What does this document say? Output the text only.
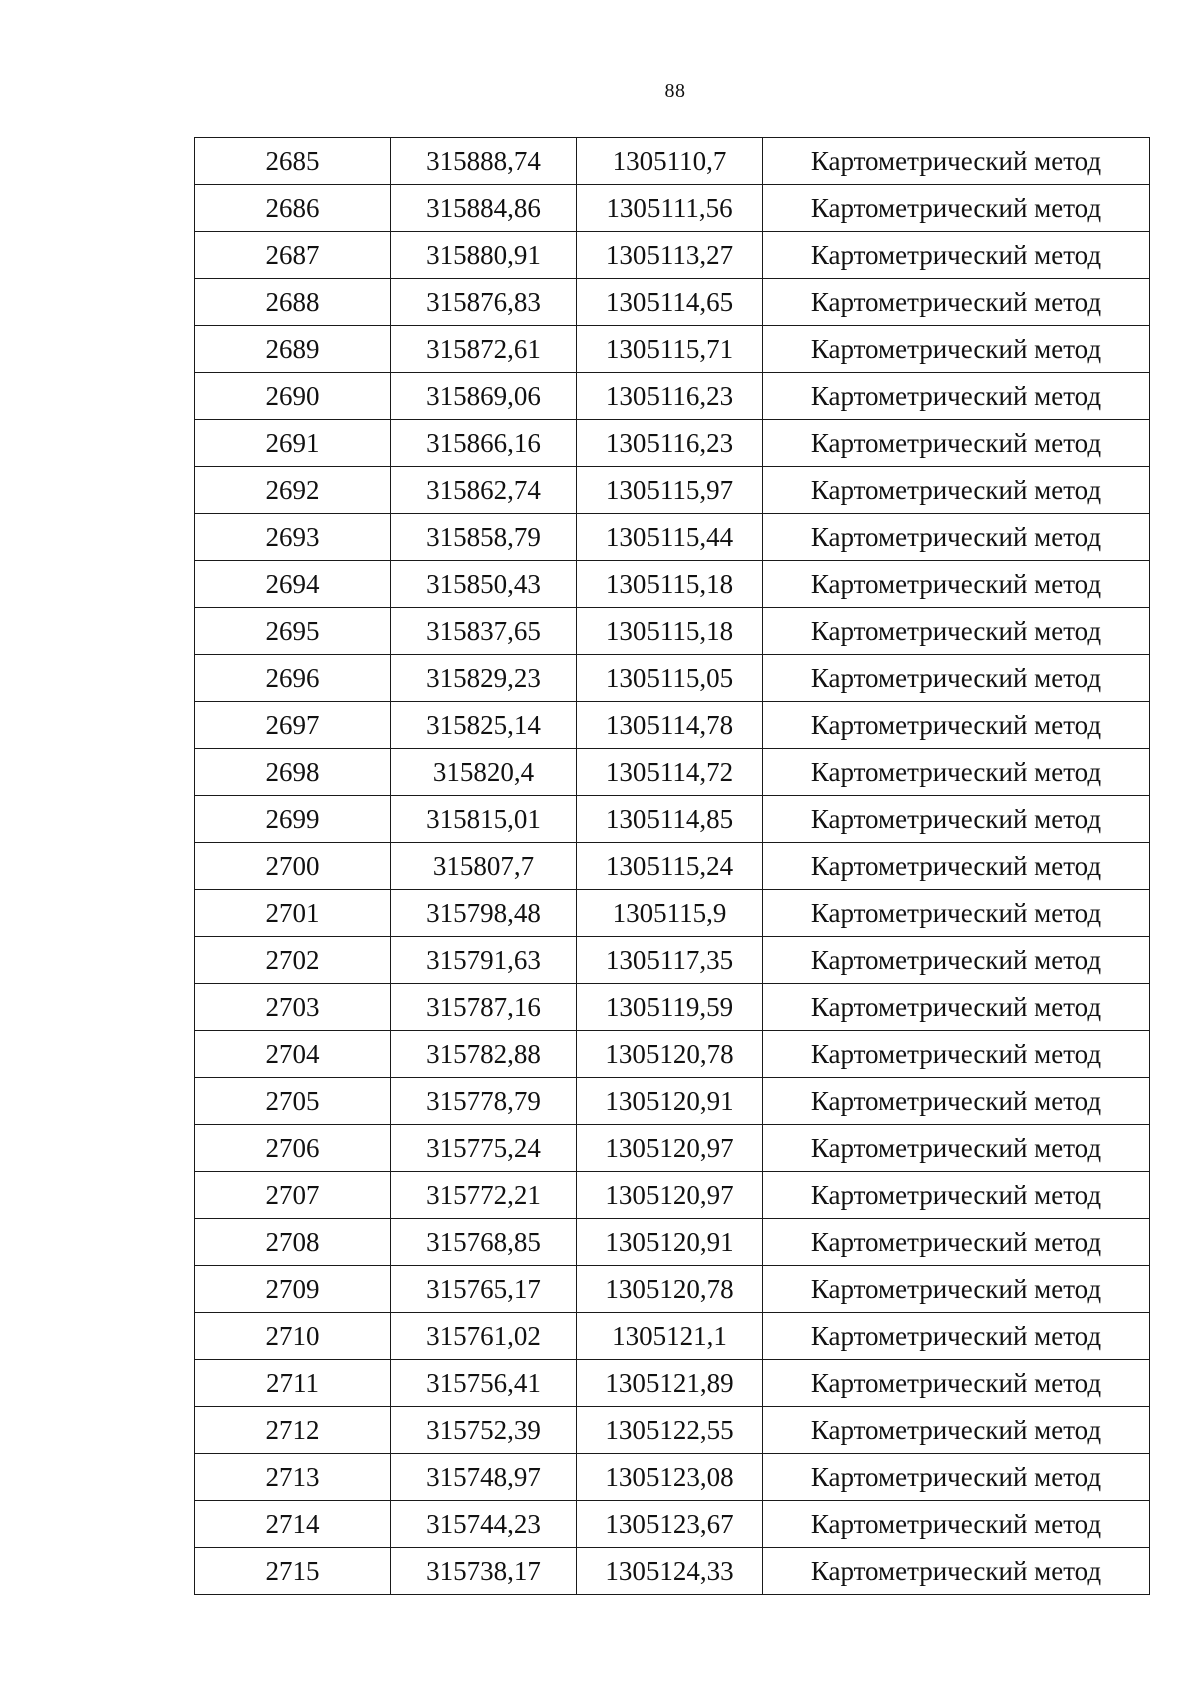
88
2685	315888,74	1305110,7	Картометрический метод
2686	315884,86	1305111,56	Картометрический метод
2687	315880,91	1305113,27	Картометрический метод
2688	315876,83	1305114,65	Картометрический метод
2689	315872,61	1305115,71	Картометрический метод
2690	315869,06	1305116,23	Картометрический метод
2691	315866,16	1305116,23	Картометрический метод
2692	315862,74	1305115,97	Картометрический метод
2693	315858,79	1305115,44	Картометрический метод
2694	315850,43	1305115,18	Картометрический метод
2695	315837,65	1305115,18	Картометрический метод
2696	315829,23	1305115,05	Картометрический метод
2697	315825,14	1305114,78	Картометрический метод
2698	315820,4	1305114,72	Картометрический метод
2699	315815,01	1305114,85	Картометрический метод
2700	315807,7	1305115,24	Картометрический метод
2701	315798,48	1305115,9	Картометрический метод
2702	315791,63	1305117,35	Картометрический метод
2703	315787,16	1305119,59	Картометрический метод
2704	315782,88	1305120,78	Картометрический метод
2705	315778,79	1305120,91	Картометрический метод
2706	315775,24	1305120,97	Картометрический метод
2707	315772,21	1305120,97	Картометрический метод
2708	315768,85	1305120,91	Картометрический метод
2709	315765,17	1305120,78	Картометрический метод
2710	315761,02	1305121,1	Картометрический метод
2711	315756,41	1305121,89	Картометрический метод
2712	315752,39	1305122,55	Картометрический метод
2713	315748,97	1305123,08	Картометрический метод
2714	315744,23	1305123,67	Картометрический метод
2715	315738,17	1305124,33	Картометрический метод
